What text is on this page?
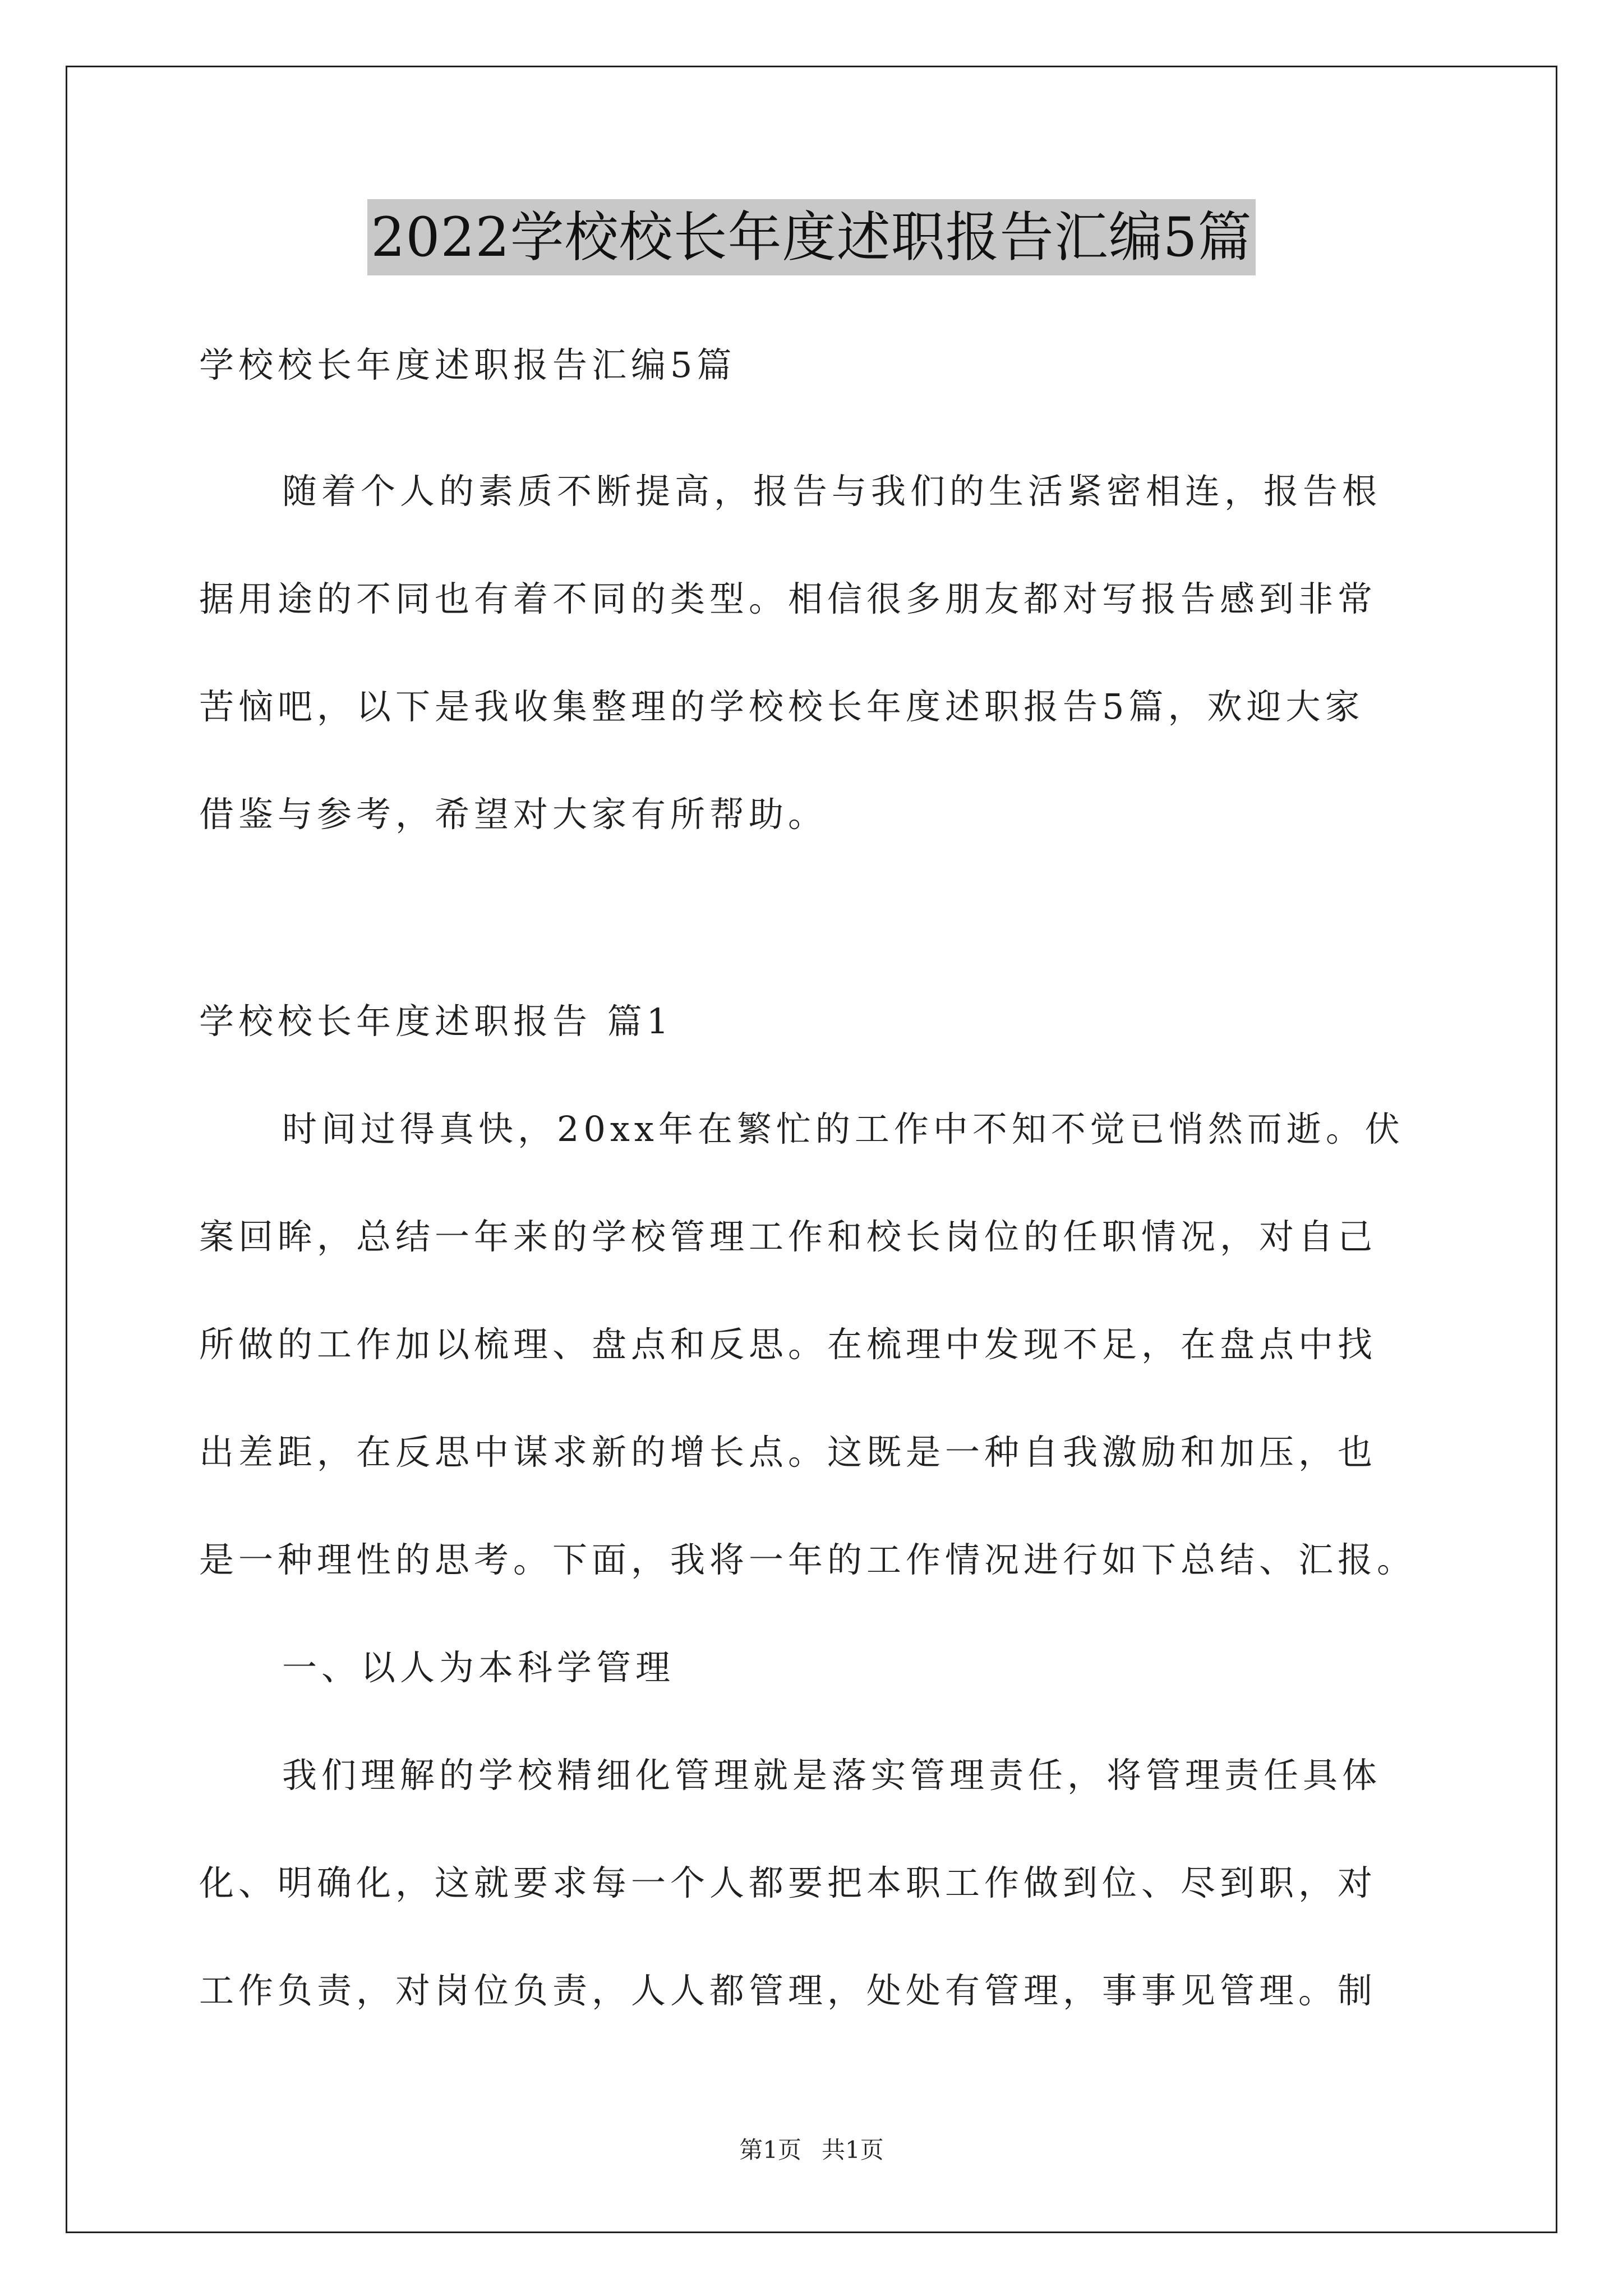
2022学校校长年度述职报告汇编5篇
学校校长年度述职报告汇编5篇
随着个人的素质不断提高，报告与我们的生活紧密相连，报告根
据用途的不同也有着不同的类型。相信很多朋友都对写报告感到非常
苦恼吧，以下是我收集整理的学校校长年度述职报告5篇，欢迎大家
借鉴与参考，希望对大家有所帮助。
学校校长年度述职报告 篇1
时间过得真快，20xx年在繁忙的工作中不知不觉已悄然而逝。伏
案回眸，总结一年来的学校管理工作和校长岗位的任职情况，对自己
所做的工作加以梳理、盘点和反思。在梳理中发现不足，在盘点中找
出差距，在反思中谋求新的增长点。这既是一种自我激励和加压，也
是一种理性的思考。下面，我将一年的工作情况进行如下总结、汇报。
一、以人为本科学管理
我们理解的学校精细化管理就是落实管理责任，将管理责任具体
化、明确化，这就要求每一个人都要把本职工作做到位、尽到职，对
工作负责，对岗位负责，人人都管理，处处有管理，事事见管理。制
第1页 共1页
